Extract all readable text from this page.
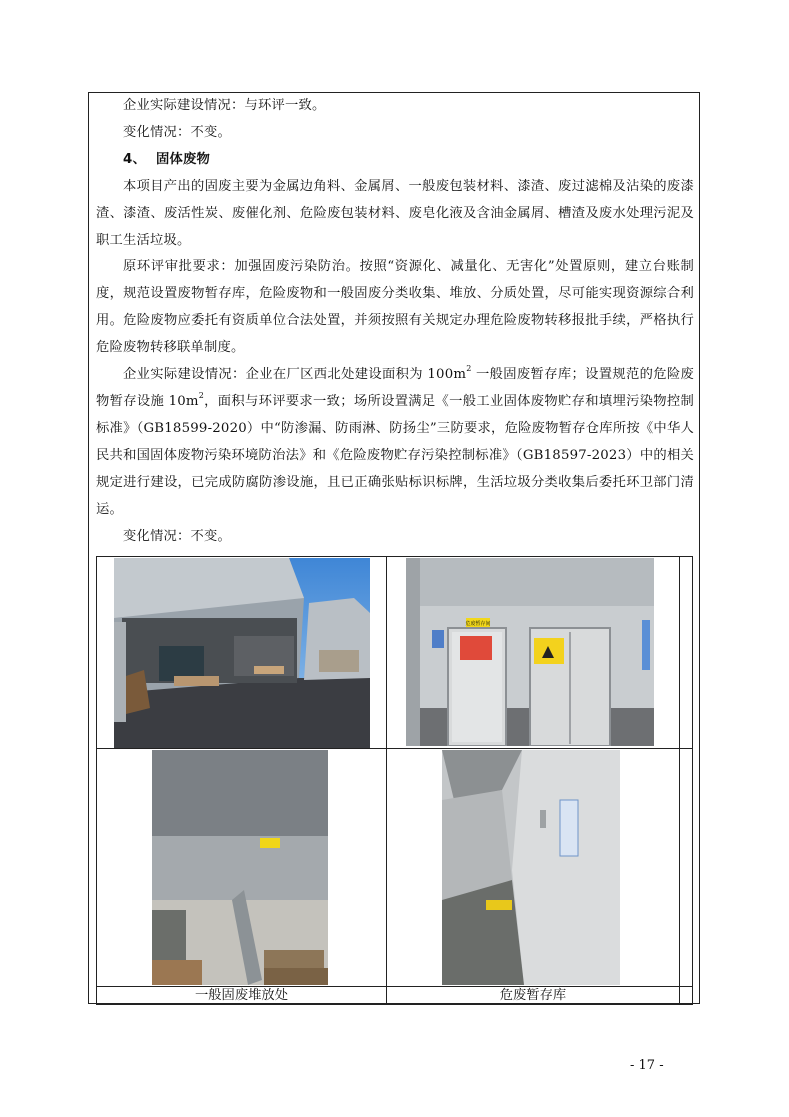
企业实际建设情况：与环评一致。

变化情况：不变。

4、 固体废物

本项目产出的固废主要为金属边角料、金属屑、一般废包装材料、漆渣、废过滤棉及沾染的废漆渣、漆渣、废活性炭、废催化剂、危险废包装材料、废皂化液及含油金属屑、槽渣及废水处理污泥及职工生活垃圾。

原环评审批要求：加强固废污染防治。按照“资源化、减量化、无害化”处置原则，建立台账制度，规范设置废物暂存库，危险废物和一般固废分类收集、堆放、分质处置，尽可能实现资源综合利用。危险废物应委托有资质单位合法处置，并须按照有关规定办理危险废物转移报批手续，严格执行危险废物转移联单制度。

企业实际建设情况：企业在厂区西北处建设面积为 $100m^2$ 一般固废暂存库；设置规范的危险废物暂存设施 $10m^2$，面积与环评要求一致；场所设置满足《一般工业固体废物贮存和填埋污染物控制标准》（GB18599-2020）中“防渗漏、防雨淋、防扬尘”三防要求，危险废物暂存仓库所按《中华人民共和国固体废物污染环境防治法》和《危险废物贮存污染控制标准》（GB18597-2023）中的相关规定进行建设，已完成防腐防渗设施，且已正确张贴标识标牌，生活垃圾分类收集后委托环卫部门清运。

变化情况：不变。

危废暂存间	

一般固废堆放处	危废暂存库	
- 17 -
